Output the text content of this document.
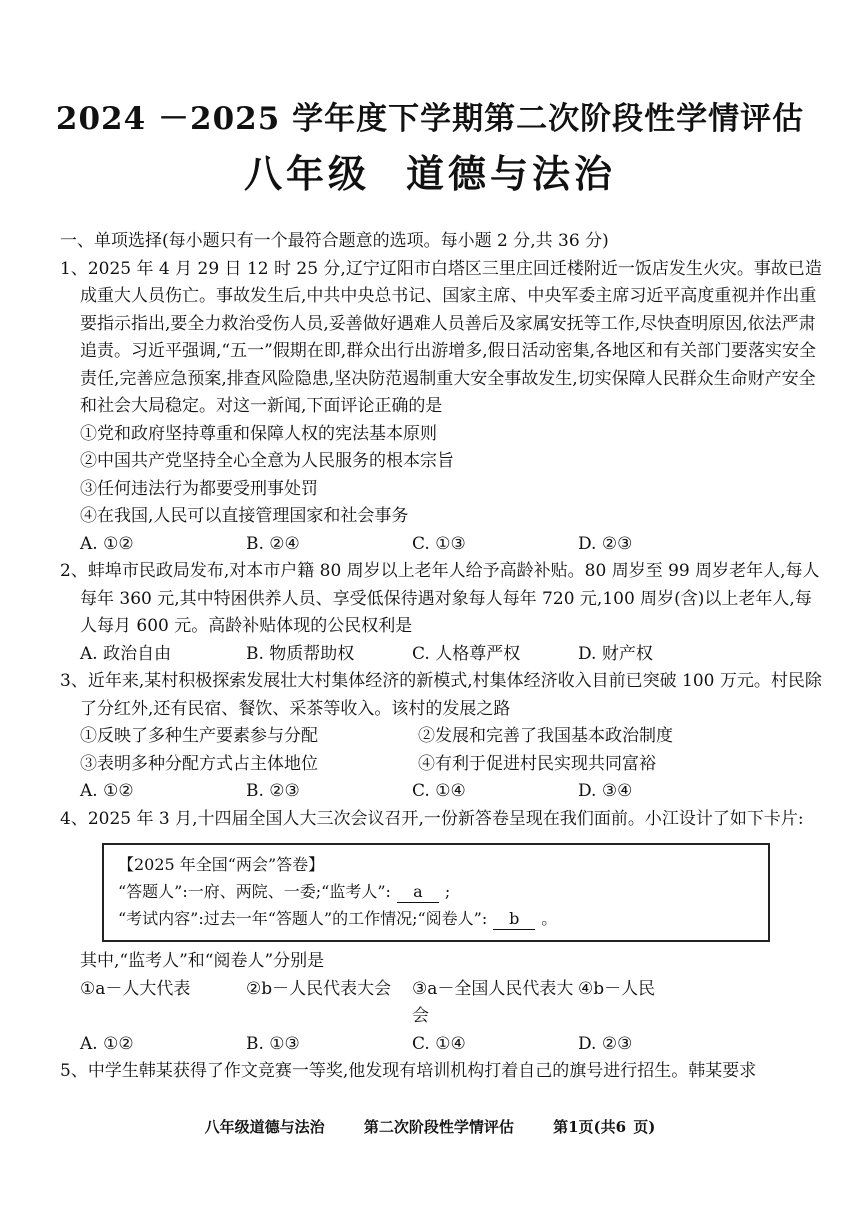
2024 －2025 学年度下学期第二次阶段性学情评估
八年级 道德与法治
一、单项选择(每小题只有一个最符合题意的选项。每小题 2 分,共 36 分)
1、2025 年 4 月 29 日 12 时 25 分,辽宁辽阳市白塔区三里庄回迁楼附近一饭店发生火灾。事故已造成重大人员伤亡。事故发生后,中共中央总书记、国家主席、中央军委主席习近平高度重视并作出重要指示指出,要全力救治受伤人员,妥善做好遇难人员善后及家属安抚等工作,尽快查明原因,依法严肃追责。习近平强调,“五一”假期在即,群众出行出游增多,假日活动密集,各地区和有关部门要落实安全责任,完善应急预案,排查风险隐患,坚决防范遏制重大安全事故发生,切实保障人民群众生命财产安全和社会大局稳定。对这一新闻,下面评论正确的是
①党和政府坚持尊重和保障人权的宪法基本原则
②中国共产党坚持全心全意为人民服务的根本宗旨
③任何违法行为都要受刑事处罚
④在我国,人民可以直接管理国家和社会事务
A. ①②	B. ②④	C. ①③	D. ②③
2、蚌埠市民政局发布,对本市户籍 80 周岁以上老年人给予高龄补贴。80 周岁至 99 周岁老年人,每人每年 360 元,其中特困供养人员、享受低保待遇对象每人每年 720 元,100 周岁(含)以上老年人,每人每月 600 元。高龄补贴体现的公民权利是
A. 政治自由	B. 物质帮助权	C. 人格尊严权	D. 财产权
3、近年来,某村积极探索发展壮大村集体经济的新模式,村集体经济收入目前已突破 100 万元。村民除了分红外,还有民宿、餐饮、采茶等收入。该村的发展之路
①反映了多种生产要素参与分配	②发展和完善了我国基本政治制度
③表明多种分配方式占主体地位	④有利于促进村民实现共同富裕
A. ①②	B. ②③	C. ①④	D. ③④
4、2025 年 3 月,十四届全国人大三次会议召开,一份新答卷呈现在我们面前。小江设计了如下卡片:
【2025 年全国“两会”答卷】
“答题人”:一府、两院、一委;“监考人”: a ;
“考试内容”:过去一年“答题人”的工作情况;“阅卷人”: b 。
其中,“监考人”和“阅卷人”分别是
①a－人大代表	②b－人民代表大会	③a－全国人民代表大会
④b－人民
A. ①②	B. ①③	C. ①④	D. ②③
5、中学生韩某获得了作文竞赛一等奖,他发现有培训机构打着自己的旗号进行招生。韩某要求
八年级道德与法治	第二次阶段性学情评估	第1页(共6 页)
